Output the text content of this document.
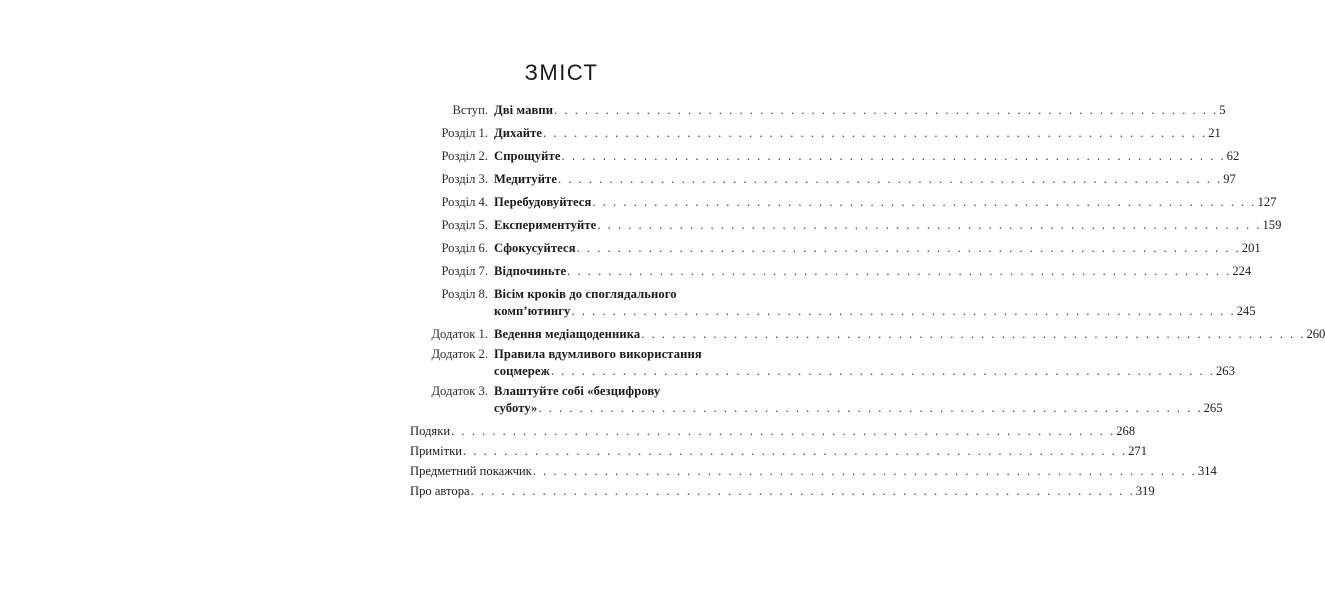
ЗМІСТ
Вступ. Дві мавпи . . . . . . . . . . . . . . . . . . . . . . . . . . . . . . . . . . . . . . . . . . . . . . . . . . . . . . . . . . . . . . . . . 5
Розділ 1. Дихайте . . . . . . . . . . . . . . . . . . . . . . . . . . . . . . . . . . . . . . . . . . . . . . . . . . . . . . . . . . . . . . . . . 21
Розділ 2. Спрощуйте . . . . . . . . . . . . . . . . . . . . . . . . . . . . . . . . . . . . . . . . . . . . . . . . . . . . . . . . . . . . . . . . . 62
Розділ 3. Медитуйте . . . . . . . . . . . . . . . . . . . . . . . . . . . . . . . . . . . . . . . . . . . . . . . . . . . . . . . . . . . . . . . . . 97
Розділ 4. Перебудовуйтеся . . . . . . . . . . . . . . . . . . . . . . . . . . . . . . . . . . . . . . . . . . . . . . . . . . . . . . . . . . . . . . . . . 127
Розділ 5. Експериментуйте . . . . . . . . . . . . . . . . . . . . . . . . . . . . . . . . . . . . . . . . . . . . . . . . . . . . . . . . . . . . . . . . . 159
Розділ 6. Сфокусуйтеся . . . . . . . . . . . . . . . . . . . . . . . . . . . . . . . . . . . . . . . . . . . . . . . . . . . . . . . . . . . . . . . . . 201
Розділ 7. Відпочиньте . . . . . . . . . . . . . . . . . . . . . . . . . . . . . . . . . . . . . . . . . . . . . . . . . . . . . . . . . . . . . . . . . 224
Розділ 8. Вісім кроків до споглядального
комп’ютингу . . . . . . . . . . . . . . . . . . . . . . . . . . . . . . . . . . . . . . . . . . . . . . . . . . . . . . . . . . . . . . . . . 245
Додаток 1. Ведення медіащоденника . . . . . . . . . . . . . . . . . . . . . . . . . . . . . . . . . . . . . . . . . . . . . . . . . . . . . . . . . . . . . . . . . 260
Додаток 2. Правила вдумливого використання
соцмереж . . . . . . . . . . . . . . . . . . . . . . . . . . . . . . . . . . . . . . . . . . . . . . . . . . . . . . . . . . . . . . . . . 263
Додаток 3. Влаштуйте собі «безцифрову
суботу» . . . . . . . . . . . . . . . . . . . . . . . . . . . . . . . . . . . . . . . . . . . . . . . . . . . . . . . . . . . . . . . . . 265
Подяки . . . . . . . . . . . . . . . . . . . . . . . . . . . . . . . . . . . . . . . . . . . . . . . . . . . . . . . . . . . . . . . . . 268
Примітки . . . . . . . . . . . . . . . . . . . . . . . . . . . . . . . . . . . . . . . . . . . . . . . . . . . . . . . . . . . . . . . . . 271
Предметний покажчик . . . . . . . . . . . . . . . . . . . . . . . . . . . . . . . . . . . . . . . . . . . . . . . . . . . . . . . . . . . . . . . . . 314
Про автора . . . . . . . . . . . . . . . . . . . . . . . . . . . . . . . . . . . . . . . . . . . . . . . . . . . . . . . . . . . . . . . . . 319
